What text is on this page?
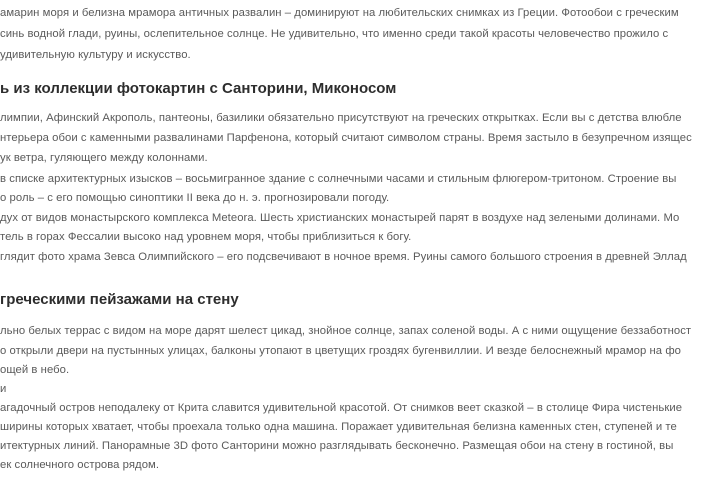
амарин моря и белизна мрамора античных развалин – доминируют на любительских снимках из Греции. Фотообои с греческим
синь водной глади, руины, ослепительное солнце. Не удивительно, что именно среди такой красоты человечество прожило с
удивительную культуру и искусство.
ь из коллекции фотокартин с Санторини, Миконосом
лимпии, Афинский Акрополь, пантеоны, базилики обязательно присутствуют на греческих открытках. Если вы с детства влюбле
нтерьера обои с каменными развалинами Парфенона, который считают символом страны. Время застыло в безупречном изящес
ук ветра, гуляющего между колоннами.
в списке архитектурных изысков – восьмигранное здание с солнечными часами и стильным флюгером-тритоном. Строение вы
о роль – с его помощью синоптики II века до н. э. прогнозировали погоду.
дух от видов монастырского комплекса Meteora. Шесть христианских монастырей парят в воздухе над зелеными долинами. Мо
тель в горах Фессалии высоко над уровнем моря, чтобы приблизиться к богу.
глядит фото храма Зевса Олимпийского – его подсвечивают в ночное время. Руины самого большого строения в древней Эллад
греческими пейзажами на стену
льно белых террас с видом на море дарят шелест цикад, знойное солнце, запах соленой воды. А с ними ощущение беззаботност
о открыли двери на пустынных улицах, балконы утопают в цветущих гроздях бугенвиллии. И везде белоснежный мрамор на фо
ощей в небо.
и
агадочный остров неподалеку от Крита славится удивительной красотой. От снимков веет сказкой – в столице Фира чистенькие
ширины которых хватает, чтобы проехала только одна машина. Поражает удивительная белизна каменных стен, ступеней и те
итектурных линий. Панорамные 3D фото Санторини можно разглядывать бесконечно. Размещая обои на стену в гостиной, вы
ек солнечного острова рядом.
